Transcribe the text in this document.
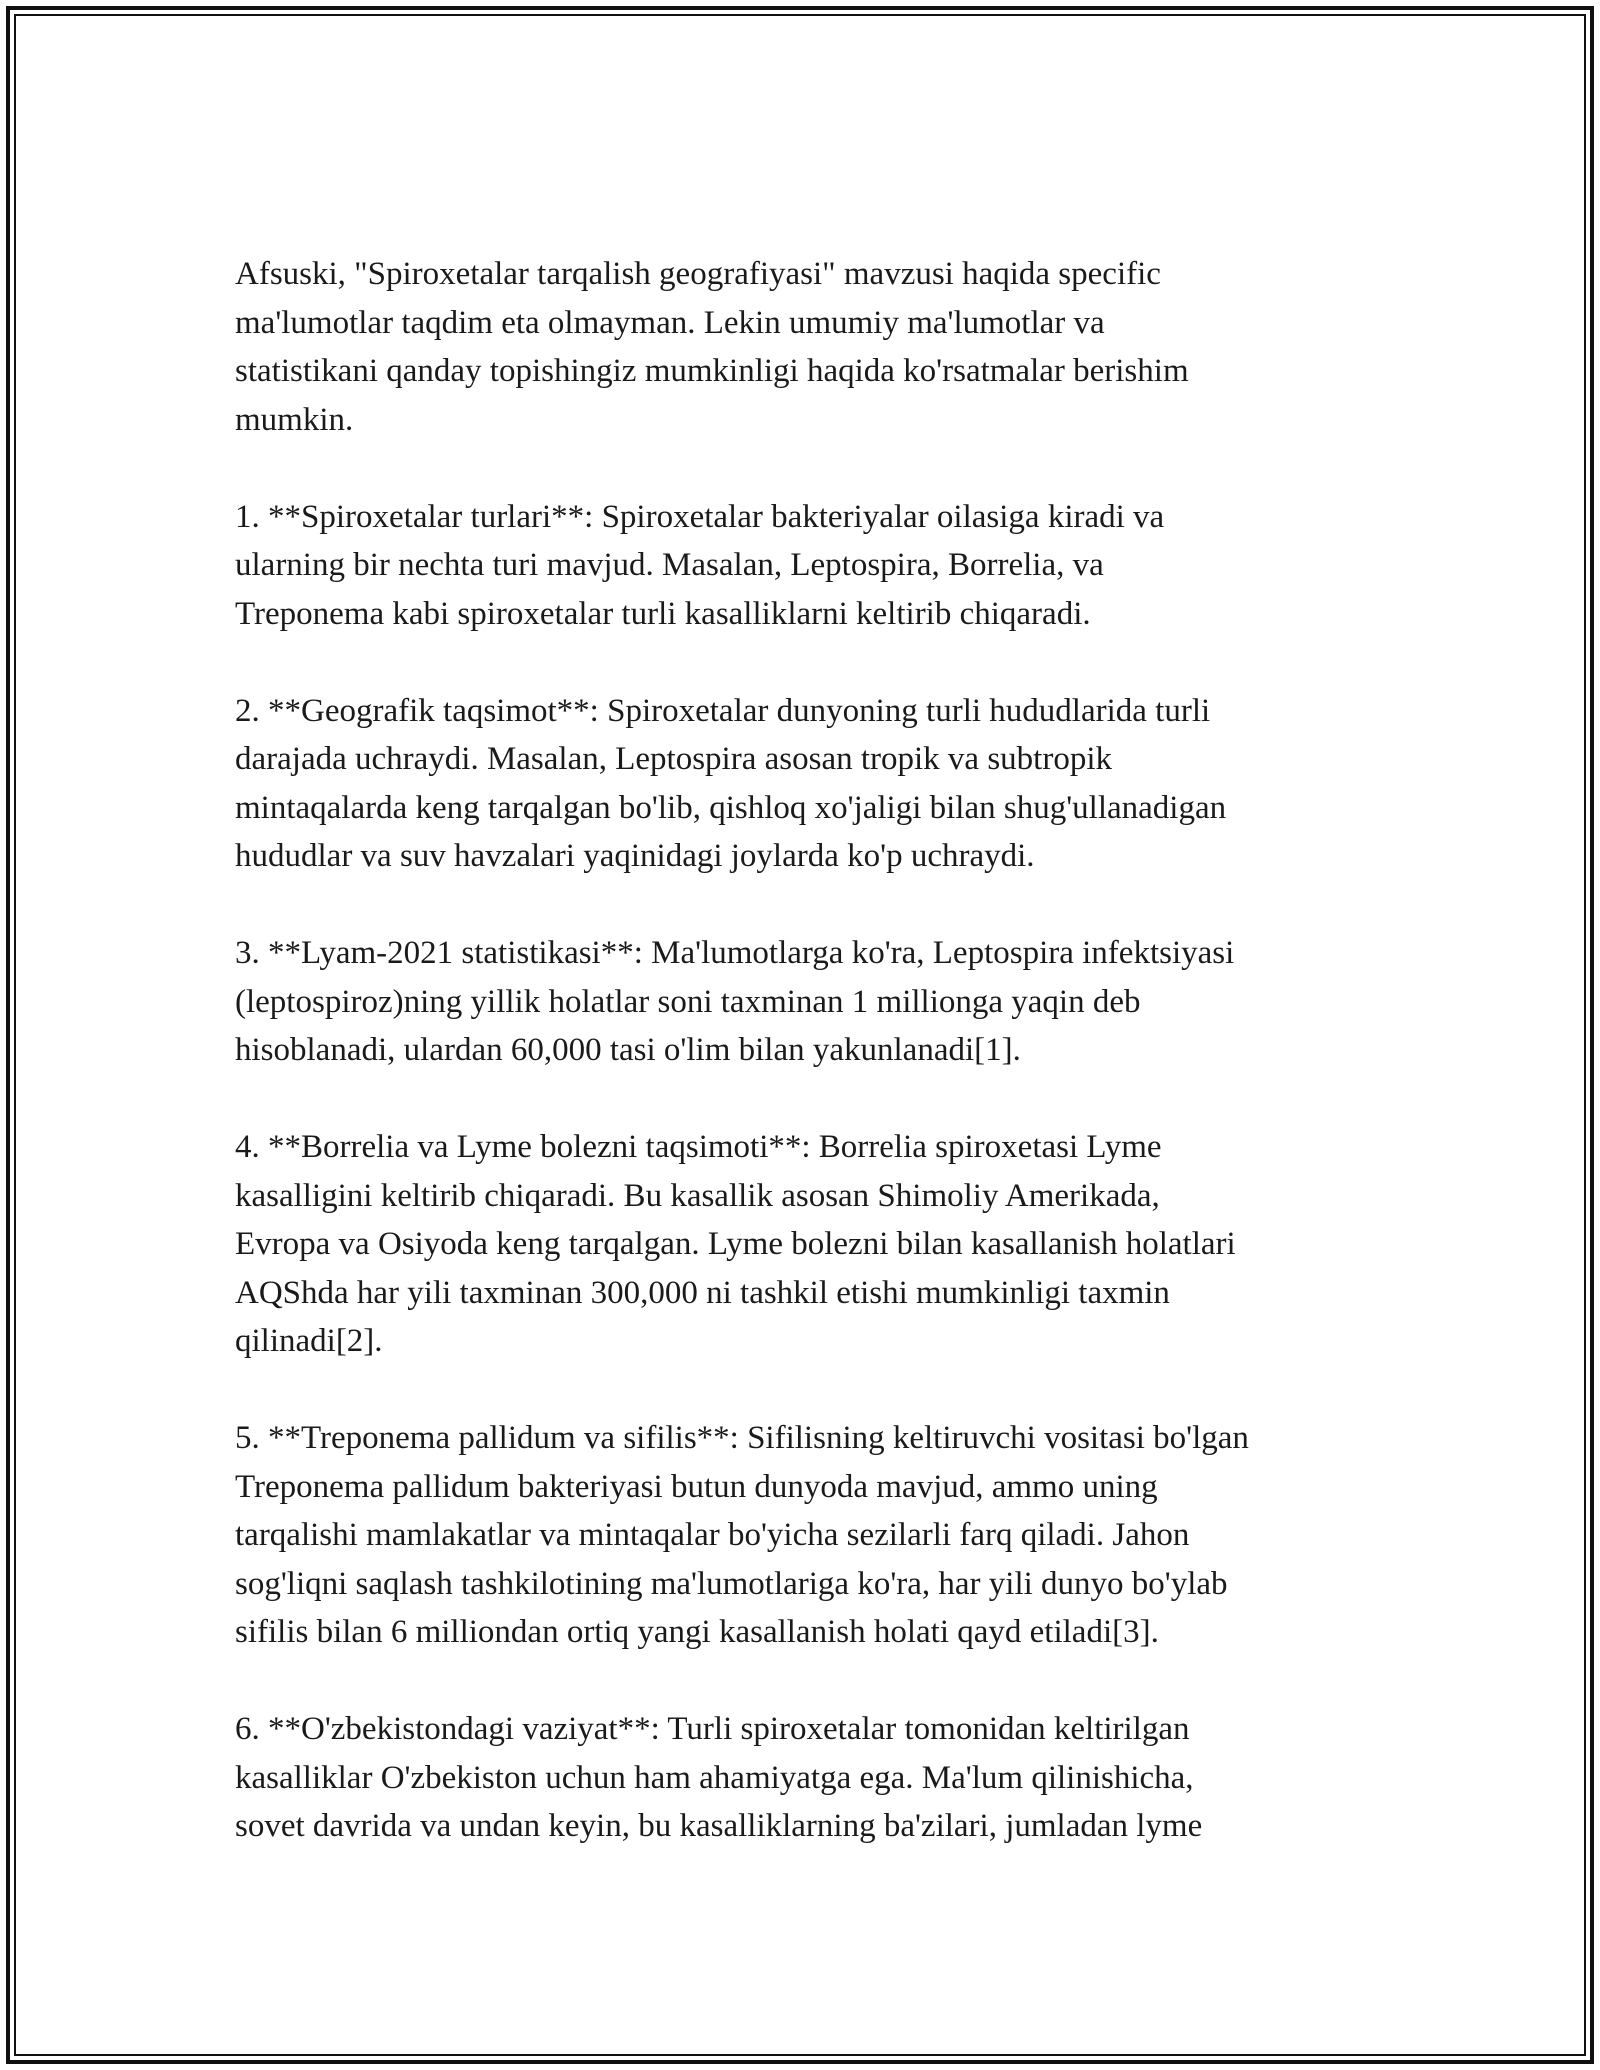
Afsuski, "Spiroxetalar tarqalish geografiyasi" mavzusi haqida specific
ma'lumotlar taqdim eta olmayman. Lekin umumiy ma'lumotlar va
statistikani qanday topishingiz mumkinligi haqida ko'rsatmalar berishim
mumkin.

1. **Spiroxetalar turlari**: Spiroxetalar bakteriyalar oilasiga kiradi va
ularning bir nechta turi mavjud. Masalan, Leptospira, Borrelia, va
Treponema kabi spiroxetalar turli kasalliklarni keltirib chiqaradi.

2. **Geografik taqsimot**: Spiroxetalar dunyoning turli hududlarida turli
darajada uchraydi. Masalan, Leptospira asosan tropik va subtropik
mintaqalarda keng tarqalgan bo'lib, qishloq xo'jaligi bilan shug'ullanadigan
hududlar va suv havzalari yaqinidagi joylarda ko'p uchraydi.

3. **Lyam-2021 statistikasi**: Ma'lumotlarga ko'ra, Leptospira infektsiyasi
(leptospiroz)ning yillik holatlar soni taxminan 1 millionga yaqin deb
hisoblanadi, ulardan 60,000 tasi o'lim bilan yakunlanadi[1].

4. **Borrelia va Lyme bolezni taqsimoti**: Borrelia spiroxetasi Lyme
kasalligini keltirib chiqaradi. Bu kasallik asosan Shimoliy Amerikada,
Evropa va Osiyoda keng tarqalgan. Lyme bolezni bilan kasallanish holatlari
AQShda har yili taxminan 300,000 ni tashkil etishi mumkinligi taxmin
qilinadi[2].

5. **Treponema pallidum va sifilis**: Sifilisning keltiruvchi vositasi bo'lgan
Treponema pallidum bakteriyasi butun dunyoda mavjud, ammo uning
tarqalishi mamlakatlar va mintaqalar bo'yicha sezilarli farq qiladi. Jahon
sog'liqni saqlash tashkilotining ma'lumotlariga ko'ra, har yili dunyo bo'ylab
sifilis bilan 6 milliondan ortiq yangi kasallanish holati qayd etiladi[3].

6. **O'zbekistondagi vaziyat**: Turli spiroxetalar tomonidan keltirilgan
kasalliklar O'zbekiston uchun ham ahamiyatga ega. Ma'lum qilinishicha,
sovet davrida va undan keyin, bu kasalliklarning ba'zilari, jumladan lyme
